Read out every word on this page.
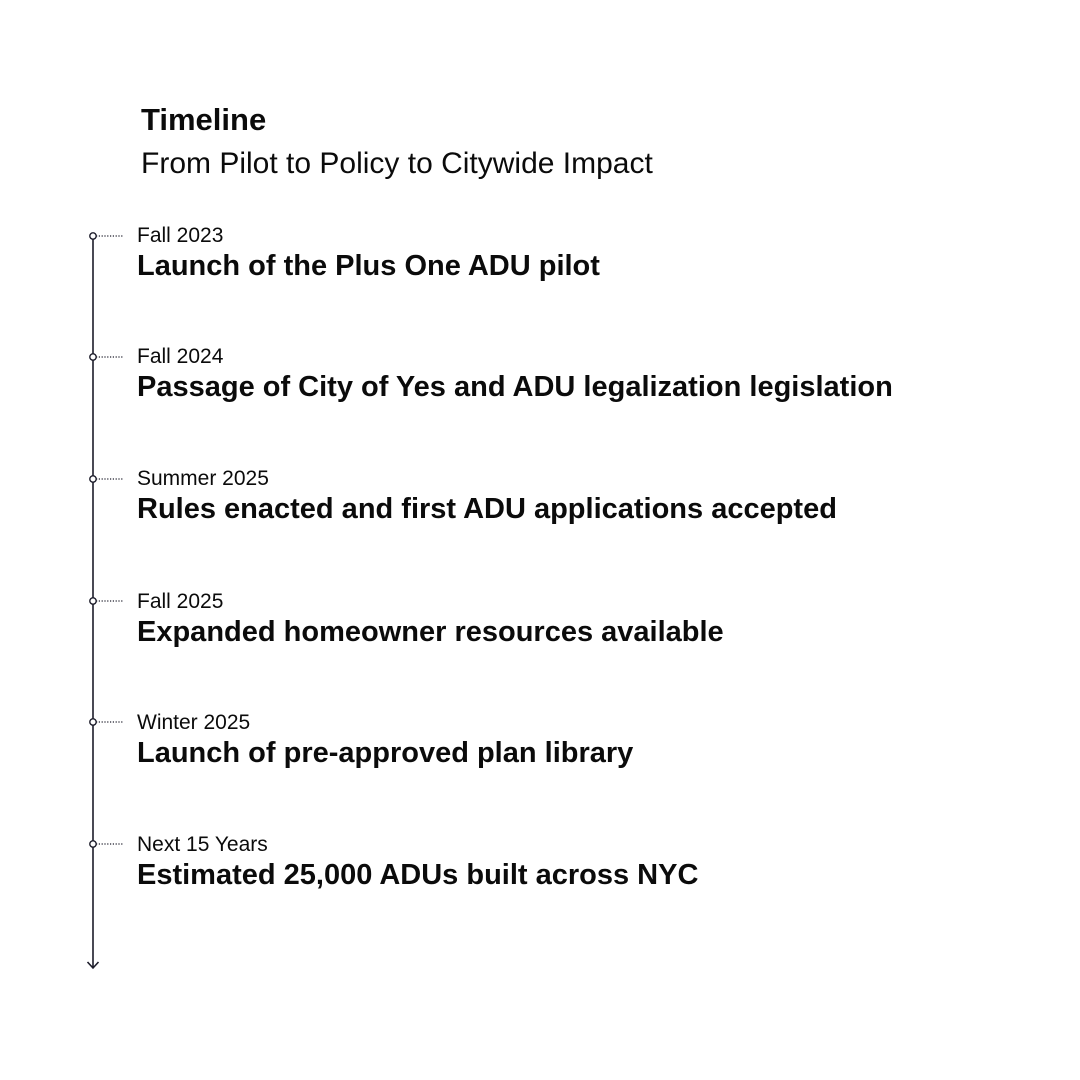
Timeline
From Pilot to Policy to Citywide Impact
Fall 2023
Launch of the Plus One ADU pilot
Fall 2024
Passage of City of Yes and ADU legalization legislation
Summer 2025
Rules enacted and first ADU applications accepted
Fall 2025
Expanded homeowner resources available
Winter 2025
Launch of pre-approved plan library
Next 15 Years
Estimated 25,000 ADUs built across NYC
